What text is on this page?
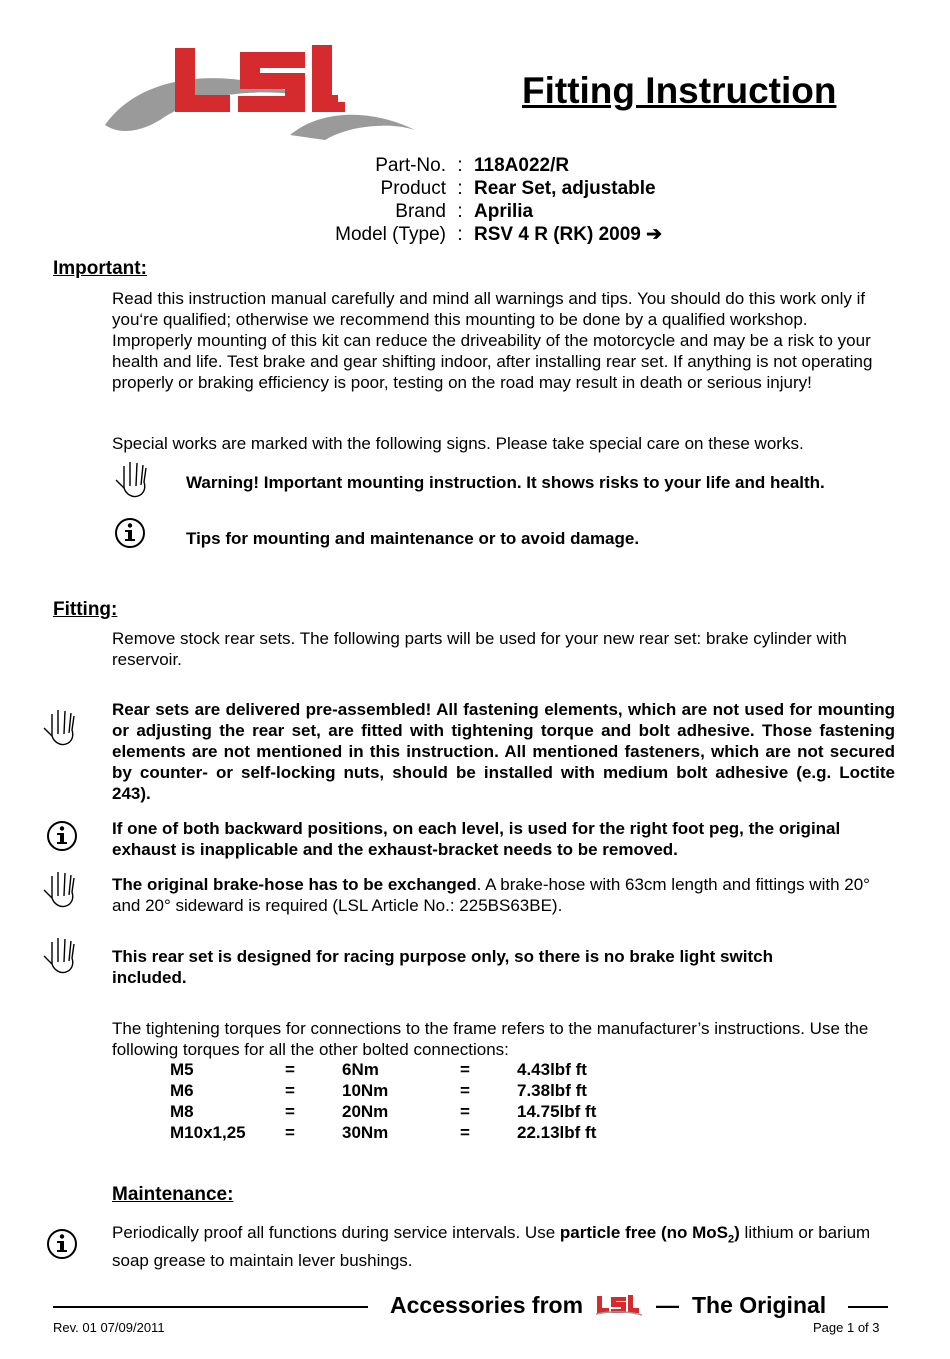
Fitting Instruction
Part-No. : 118A022/R
Product : Rear Set, adjustable
Brand : Aprilia
Model (Type) : RSV 4 R (RK) 2009 ➔
Important:
Read this instruction manual carefully and mind all warnings and tips. You should do this work only if you‘re qualified; otherwise we recommend this mounting to be done by a qualified workshop. Improperly mounting of this kit can reduce the driveability of the motorcycle and may be a risk to your health and life. Test brake and gear shifting indoor, after installing rear set. If anything is not operating properly or braking efficiency is poor, testing on the road may result in death or serious injury!
Special works are marked with the following signs. Please take special care on these works.
Warning! Important mounting instruction. It shows risks to your life and health.
Tips for mounting and maintenance or to avoid damage.
Fitting:
Remove stock rear sets. The following parts will be used for your new rear set: brake cylinder with reservoir.
Rear sets are delivered pre-assembled! All fastening elements, which are not used for mounting or adjusting the rear set, are fitted with tightening torque and bolt adhesive. Those fastening elements are not mentioned in this instruction. All mentioned fasteners, which are not secured by counter- or self-locking nuts, should be installed with medium bolt adhesive (e.g. Loctite 243).
If one of both backward positions, on each level, is used for the right foot peg, the original exhaust is inapplicable and the exhaust-bracket needs to be removed.
The original brake-hose has to be exchanged. A brake-hose with 63cm length and fittings with 20° and 20° sideward is required (LSL Article No.: 225BS63BE).
This rear set is designed for racing purpose only, so there is no brake light switch included.
The tightening torques for connections to the frame refers to the manufacturer’s instructions. Use the following torques for all the other bolted connections:
M5	=	6Nm	=	4.43lbf ft
M6	=	10Nm	=	7.38lbf ft
M8	=	20Nm	=	14.75lbf ft
M10x1,25	=	30Nm	=	22.13lbf ft
Maintenance:
Periodically proof all functions during service intervals. Use particle free (no MoS$_2$) lithium or barium soap grease to maintain lever bushings.
Accessories from	— The Original
Rev. 01 07/09/2011	Page 1 of 3
